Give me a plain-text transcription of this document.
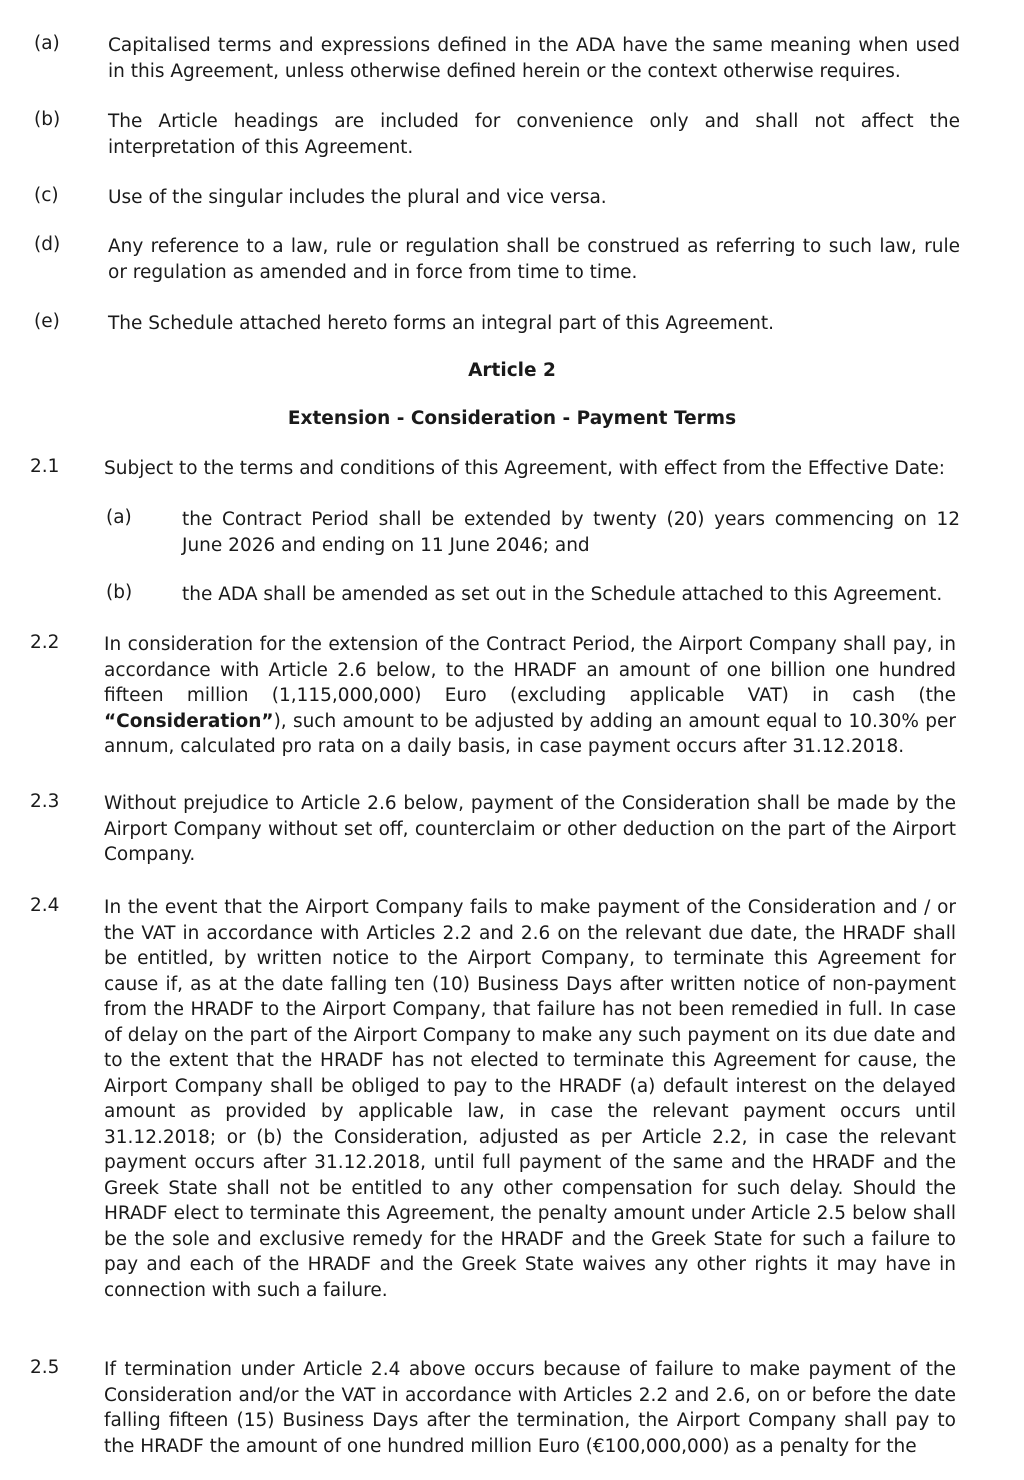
(a)	Capitalised terms and expressions defined in the ADA have the same meaning when used in this Agreement, unless otherwise defined herein or the context otherwise requires.
(b)	The Article headings are included for convenience only and shall not affect the interpretation of this Agreement.
(c)	Use of the singular includes the plural and vice versa.
(d)	Any reference to a law, rule or regulation shall be construed as referring to such law, rule or regulation as amended and in force from time to time.
(e)	The Schedule attached hereto forms an integral part of this Agreement.
Article 2
Extension - Consideration - Payment Terms
2.1 Subject to the terms and conditions of this Agreement, with effect from the Effective Date:
(a)	the Contract Period shall be extended by twenty (20) years commencing on 12 June 2026 and ending on 11 June 2046; and
(b)	the ADA shall be amended as set out in the Schedule attached to this Agreement.
2.2 In consideration for the extension of the Contract Period, the Airport Company shall pay, in accordance with Article 2.6 below, to the HRADF an amount of one billion one hundred fifteen million (1,115,000,000) Euro (excluding applicable VAT) in cash (the “Consideration”), such amount to be adjusted by adding an amount equal to 10.30% per annum, calculated pro rata on a daily basis, in case payment occurs after 31.12.2018.
2.3 Without prejudice to Article 2.6 below, payment of the Consideration shall be made by the Airport Company without set off, counterclaim or other deduction on the part of the Airport Company.
2.4 In the event that the Airport Company fails to make payment of the Consideration and / or the VAT in accordance with Articles 2.2 and 2.6 on the relevant due date, the HRADF shall be entitled, by written notice to the Airport Company, to terminate this Agreement for cause if, as at the date falling ten (10) Business Days after written notice of non-payment from the HRADF to the Airport Company, that failure has not been remedied in full. In case of delay on the part of the Airport Company to make any such payment on its due date and to the extent that the HRADF has not elected to terminate this Agreement for cause, the Airport Company shall be obliged to pay to the HRADF (a) default interest on the delayed amount as provided by applicable law, in case the relevant payment occurs until 31.12.2018; or (b) the Consideration, adjusted as per Article 2.2, in case the relevant payment occurs after 31.12.2018, until full payment of the same and the HRADF and the Greek State shall not be entitled to any other compensation for such delay. Should the HRADF elect to terminate this Agreement, the penalty amount under Article 2.5 below shall be the sole and exclusive remedy for the HRADF and the Greek State for such a failure to pay and each of the HRADF and the Greek State waives any other rights it may have in connection with such a failure.
2.5 If termination under Article 2.4 above occurs because of failure to make payment of the Consideration and/or the VAT in accordance with Articles 2.2 and 2.6, on or before the date falling fifteen (15) Business Days after the termination, the Airport Company shall pay to the HRADF the amount of one hundred million Euro (€100,000,000) as a penalty for the
